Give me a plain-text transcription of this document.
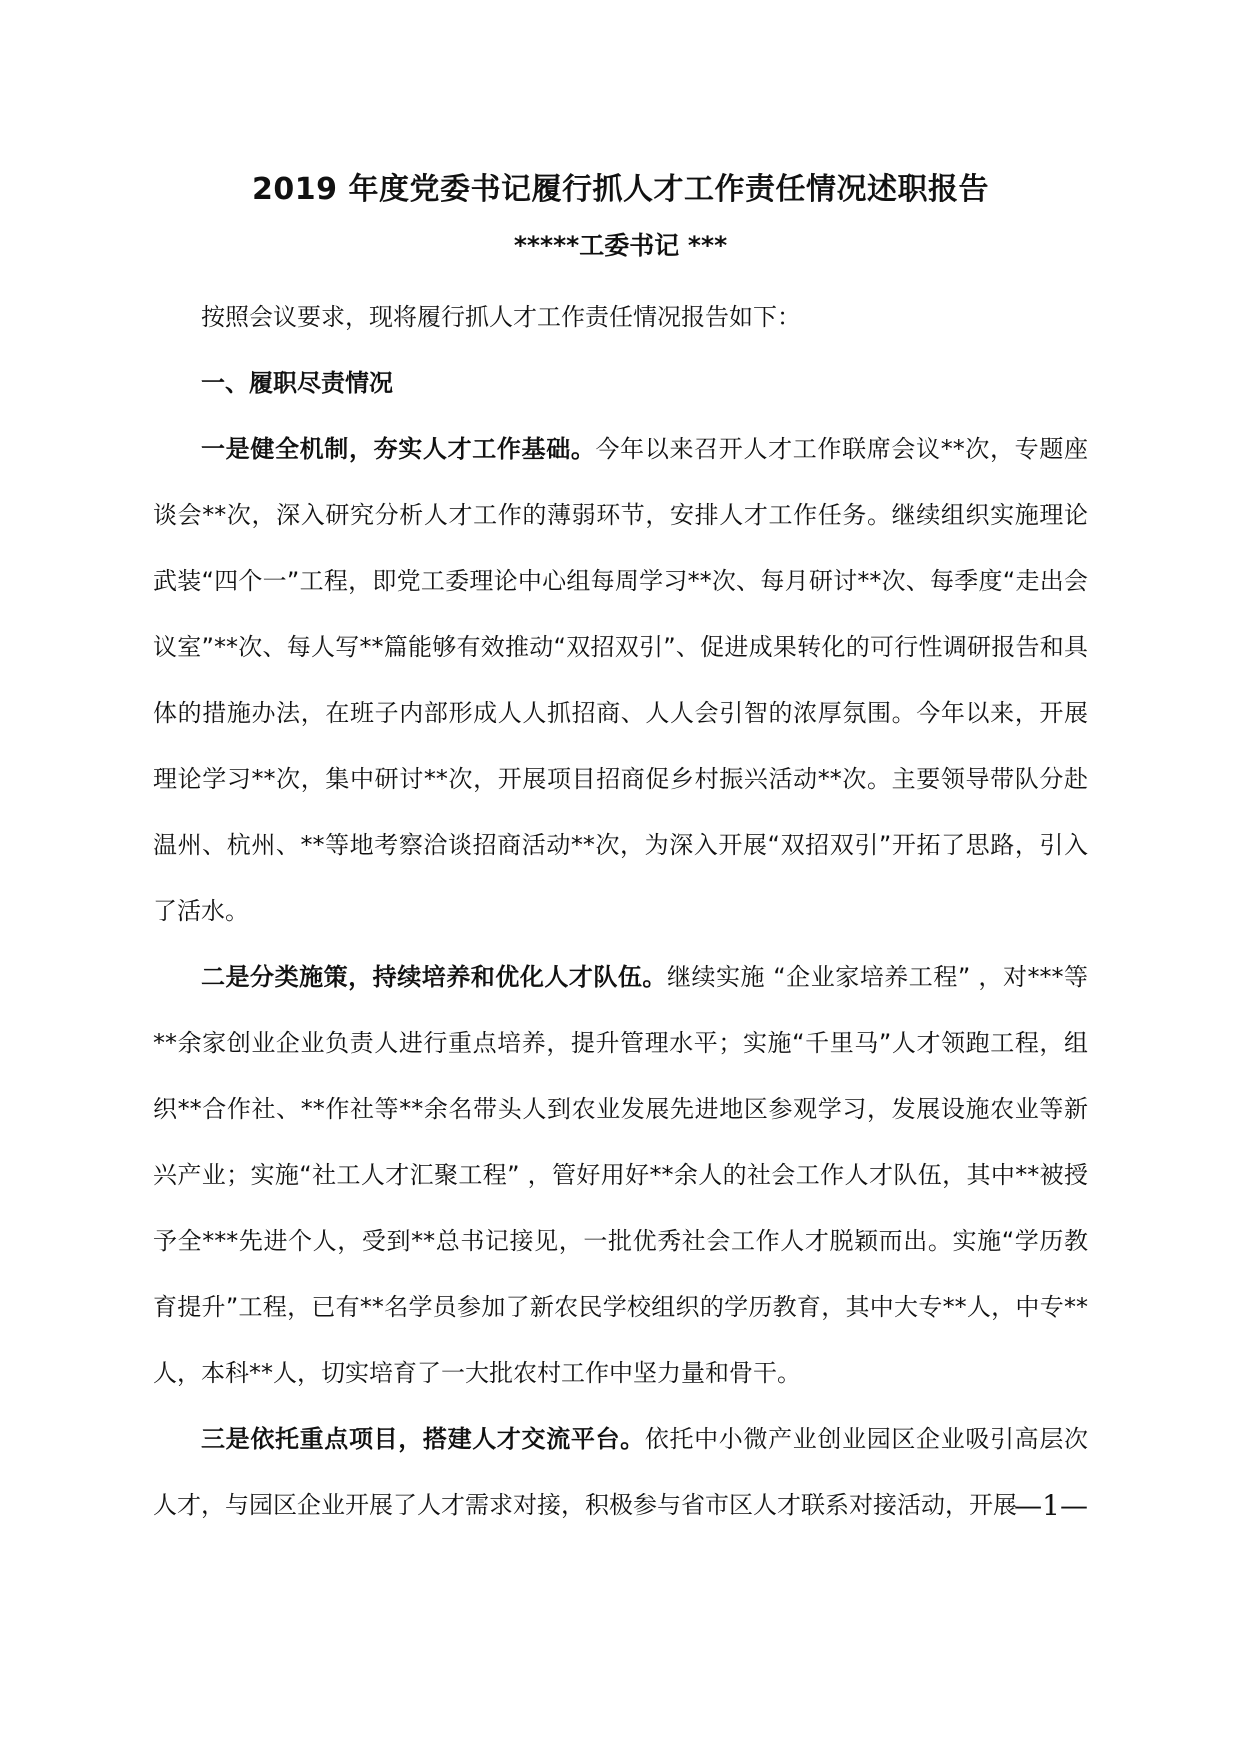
2019 年度党委书记履行抓人才工作责任情况述职报告
*****工委书记 ***

按照会议要求，现将履行抓人才工作责任情况报告如下：

一、履职尽责情况

一是健全机制，夯实人才工作基础。今年以来召开人才工作联席会议**次，专题座谈会**次，深入研究分析人才工作的薄弱环节，安排人才工作任务。继续组织实施理论武装“四个一”工程，即党工委理论中心组每周学习**次、每月研讨**次、每季度“走出会议室”**次、每人写**篇能够有效推动“双招双引”、促进成果转化的可行性调研报告和具体的措施办法，在班子内部形成人人抓招商、人人会引智的浓厚氛围。今年以来，开展理论学习**次，集中研讨**次，开展项目招商促乡村振兴活动**次。主要领导带队分赴温州、杭州、**等地考察洽谈招商活动**次，为深入开展“双招双引”开拓了思路，引入了活水。

二是分类施策，持续培养和优化人才队伍。继续实施 “企业家培养工程” ，对***等**余家创业企业负责人进行重点培养，提升管理水平；实施“千里马”人才领跑工程，组织**合作社、**作社等**余名带头人到农业发展先进地区参观学习，发展设施农业等新兴产业；实施“社工人才汇聚工程” ，管好用好**余人的社会工作人才队伍，其中**被授予全***先进个人，受到**总书记接见，一批优秀社会工作人才脱颖而出。实施“学历教育提升”工程，已有**名学员参加了新农民学校组织的学历教育，其中大专**人，中专**人，本科**人，切实培育了一大批农村工作中坚力量和骨干。

三是依托重点项目，搭建人才交流平台。依托中小微产业创业园区企业吸引高层次人才，与园区企业开展了人才需求对接，积极参与省市区人才联系对接活动，开展

—1—
